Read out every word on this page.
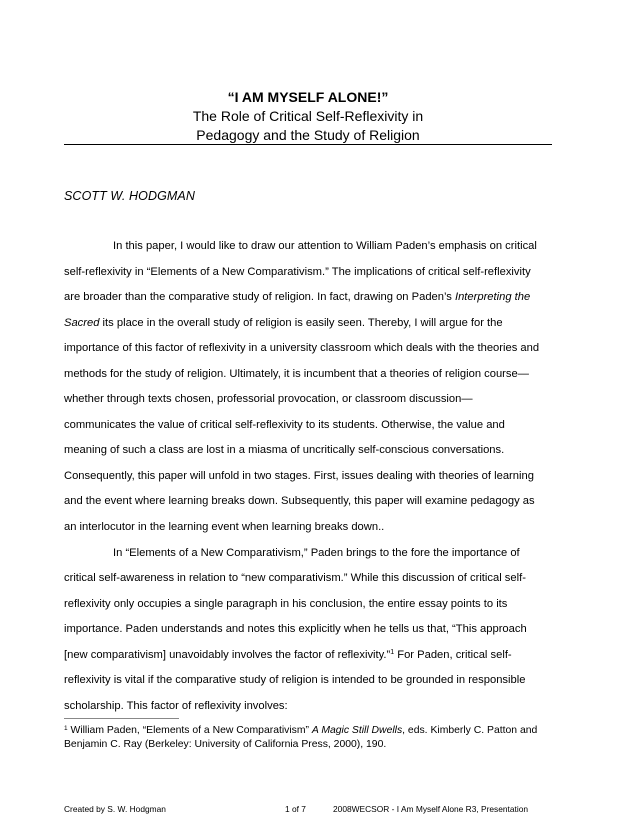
“I AM MYSELF ALONE!”
The Role of Critical Self-Reflexivity in
Pedagogy and the Study of Religion
SCOTT W. HODGMAN

In this paper, I would like to draw our attention to William Paden’s emphasis on critical
self-reflexivity in “Elements of a New Comparativism.” The implications of critical self-reflexivity
are broader than the comparative study of religion. In fact, drawing on Paden’s Interpreting the
Sacred its place in the overall study of religion is easily seen. Thereby, I will argue for the
importance of this factor of reflexivity in a university classroom which deals with the theories and
methods for the study of religion. Ultimately, it is incumbent that a theories of religion course—
whether through texts chosen, professorial provocation, or classroom discussion—
communicates the value of critical self-reflexivity to its students. Otherwise, the value and
meaning of such a class are lost in a miasma of uncritically self-conscious conversations.
Consequently, this paper will unfold in two stages. First, issues dealing with theories of learning
and the event where learning breaks down. Subsequently, this paper will examine pedagogy as
an interlocutor in the learning event when learning breaks down..

In “Elements of a New Comparativism,” Paden brings to the fore the importance of
critical self-awareness in relation to “new comparativism.” While this discussion of critical self-
reflexivity only occupies a single paragraph in his conclusion, the entire essay points to its
importance. Paden understands and notes this explicitly when he tells us that, “This approach
[new comparativism] unavoidably involves the factor of reflexivity.”$^1$ For Paden, critical self-
reflexivity is vital if the comparative study of religion is intended to be grounded in responsible
scholarship. This factor of reflexivity involves:

$^1$ William Paden, “Elements of a New Comparativism” A Magic Still Dwells, eds. Kimberly C. Patton and
Benjamin C. Ray (Berkeley: University of California Press, 2000), 190.
Created by S. W. Hodgman	1 of 7	2008WECSOR - I Am Myself Alone R3, Presentation
